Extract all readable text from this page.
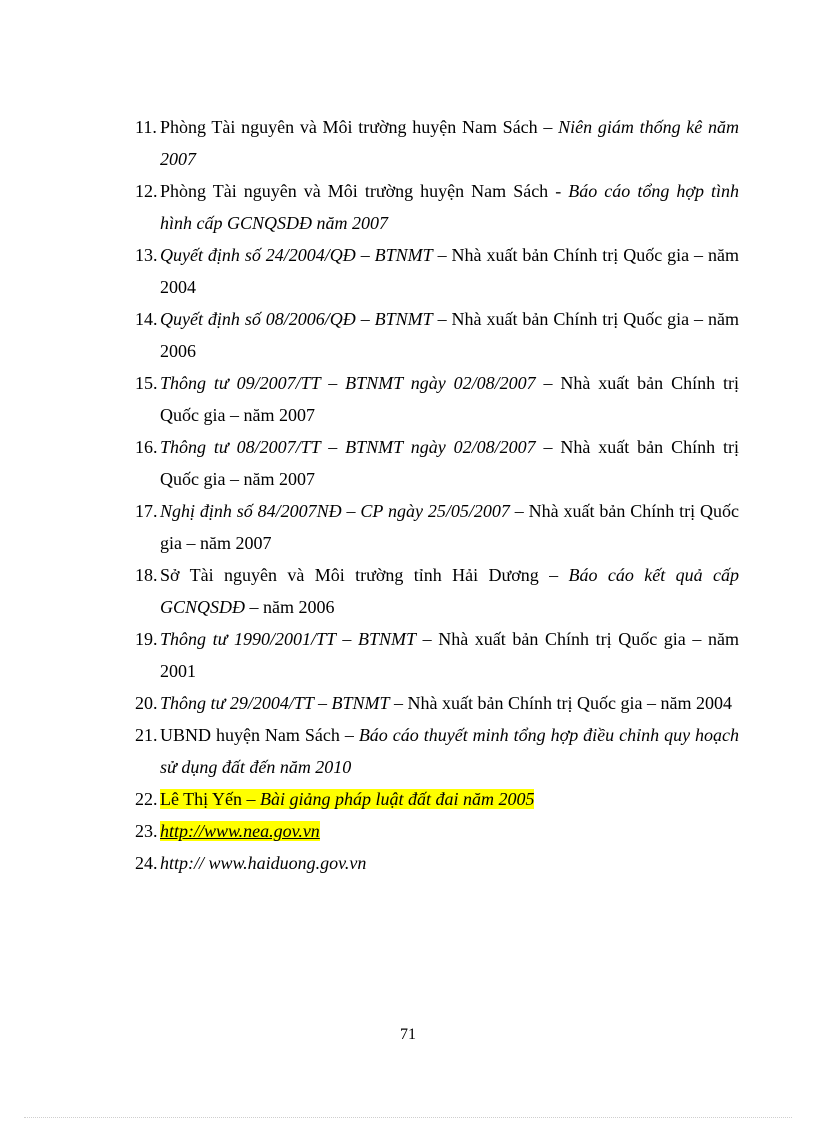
11. Phòng Tài nguyên và Môi trường huyện Nam Sách – Niên giám thống kê năm 2007
12. Phòng Tài nguyên và Môi trường huyện Nam Sách - Báo cáo tổng hợp tình hình cấp GCNQSDĐ năm 2007
13. Quyết định số 24/2004/QĐ – BTNMT – Nhà xuất bản Chính trị Quốc gia – năm 2004
14. Quyết định số 08/2006/QĐ – BTNMT – Nhà xuất bản Chính trị Quốc gia – năm 2006
15. Thông tư 09/2007/TT – BTNMT ngày 02/08/2007 – Nhà xuất bản Chính trị Quốc gia – năm 2007
16. Thông tư 08/2007/TT – BTNMT ngày 02/08/2007 – Nhà xuất bản Chính trị Quốc gia – năm 2007
17. Nghị định số 84/2007NĐ – CP ngày 25/05/2007 – Nhà xuất bản Chính trị Quốc gia – năm 2007
18. Sở Tài nguyên và Môi trường tỉnh Hải Dương – Báo cáo kết quả cấp GCNQSDĐ – năm 2006
19. Thông tư 1990/2001/TT – BTNMT – Nhà xuất bản Chính trị Quốc gia – năm 2001
20. Thông tư 29/2004/TT – BTNMT – Nhà xuất bản Chính trị Quốc gia – năm 2004
21. UBND huyện Nam Sách – Báo cáo thuyết minh tổng hợp điều chỉnh quy hoạch sử dụng đất đến năm 2010
22. Lê Thị Yến – Bài giảng pháp luật đất đai năm 2005
23. http://www.nea.gov.vn
24. http:// www.haiduong.gov.vn
71
